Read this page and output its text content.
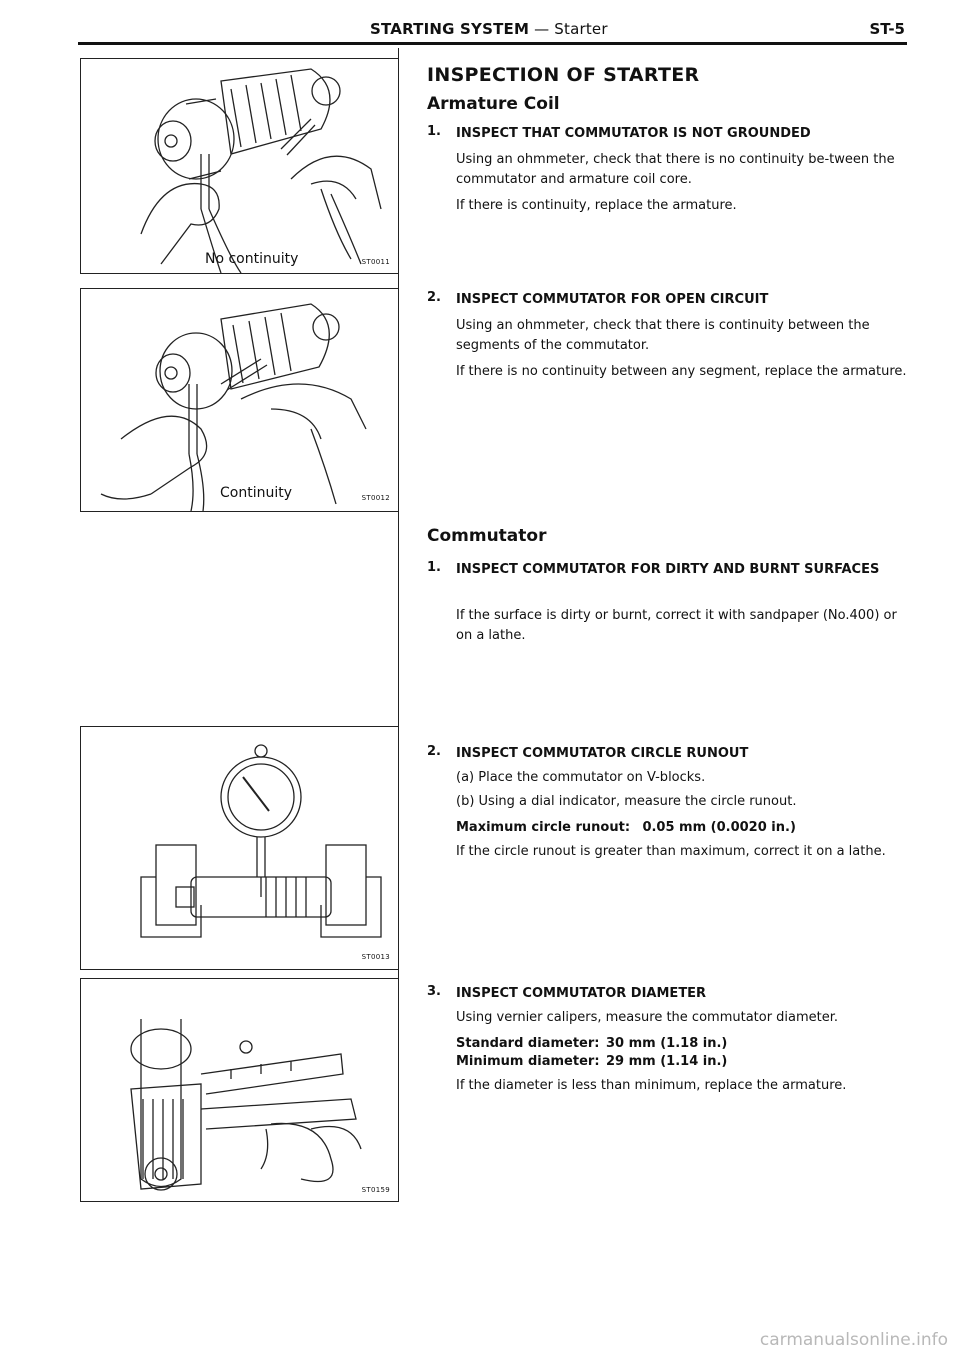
STARTING SYSTEM — Starter	ST-5
No continuity	ST0011
Continuity	ST0012
ST0013
ST0159
INSPECTION OF STARTER
Armature Coil
1. INSPECT THAT COMMUTATOR IS NOT GROUNDED
Using an ohmmeter, check that there is no continuity be-tween the commutator and armature coil core.
If there is continuity, replace the armature.
2. INSPECT COMMUTATOR FOR OPEN CIRCUIT
Using an ohmmeter, check that there is continuity between the segments of the commutator.
If there is no continuity between any segment, replace the armature.
Commutator
1. INSPECT COMMUTATOR FOR DIRTY AND BURNT SURFACES
If the surface is dirty or burnt, correct it with sandpaper (No.400) or on a lathe.
2. INSPECT COMMUTATOR CIRCLE RUNOUT
(a) Place the commutator on V-blocks.
(b) Using a dial indicator, measure the circle runout.
Maximum circle runout: 0.05 mm (0.0020 in.)
If the circle runout is greater than maximum, correct it on a lathe.
3. INSPECT COMMUTATOR DIAMETER
Using vernier calipers, measure the commutator diameter.
Standard diameter: 30 mm (1.18 in.)
Minimum diameter: 29 mm (1.14 in.)
If the diameter is less than minimum, replace the armature.
carmanualsonline.info
